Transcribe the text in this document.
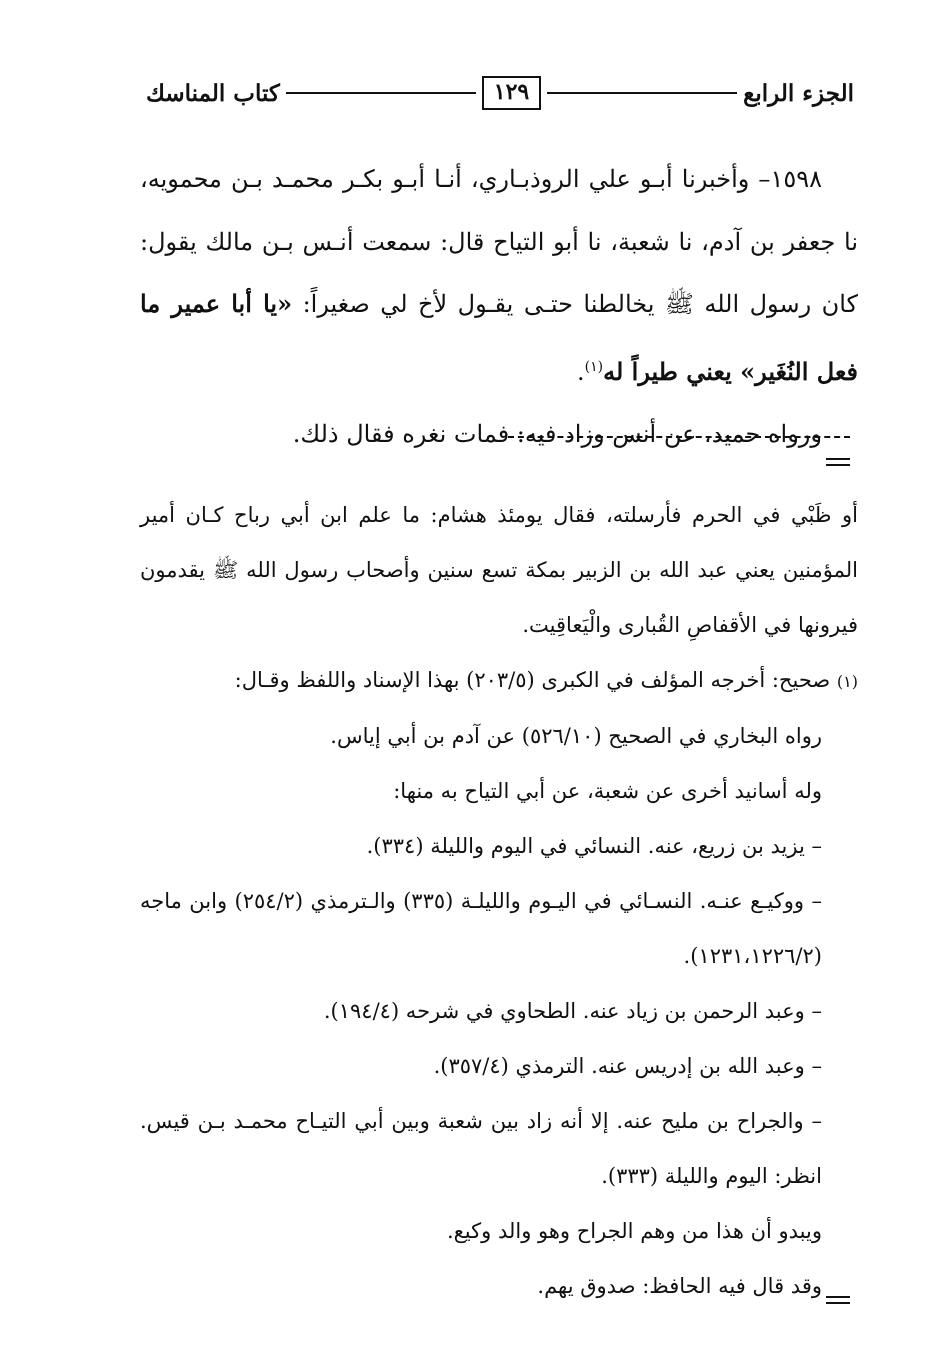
الجزء الرابع
١٢٩
كتاب المناسك

١٥٩٨– وأخبرنا أبـو علي الروذبـاري، أنـا أبـو بكـر محمـد بـن محمويه، نا جعفر بن آدم، نا شعبة، نا أبو التياح قال: سمعت أنـس بـن مالك يقول: كان رسول الله ﷺ يخالطنا حتـى يقـول لأخ لي صغيراً: «يا أبا عمير ما فعل النُغَير» يعني طيراً له$^{(١)}$.

ورواه حميد، عن أنس وزاد فيه: فمات نغره فقال ذلك.

أو ظَبْي في الحرم فأرسلته، فقال يومئذ هشام: ما علم ابن أبي رباح كـان أمير المؤمنين يعني عبد الله بن الزبير بمكة تسع سنين وأصحاب رسول الله ﷺ يقدمون فيرونها في الأقفاصِ القُبارى والْيَعاقِيت.

(١) صحيح: أخرجه المؤلف في الكبرى (٢٠٣/٥) بهذا الإسناد واللفظ وقـال:

رواه البخاري في الصحيح (٥٢٦/١٠) عن آدم بن أبي إياس.

وله أسانيد أخرى عن شعبة، عن أبي التياح به منها:

– يزيد بن زريع، عنه. النسائي في اليوم والليلة (٣٣٤).

– ووكيـع عنـه. النسـائي في اليـوم والليلـة (٣٣٥) والـترمذي (٢٥٤/٢) وابن ماجه (١٢٣١،١٢٢٦/٢).

– وعبد الرحمن بن زياد عنه. الطحاوي في شرحه (١٩٤/٤).

– وعبد الله بن إدريس عنه. الترمذي (٣٥٧/٤).

– والجراح بن مليح عنه. إلا أنه زاد بين شعبة وبين أبي التيـاح محمـد بـن قيس. انظر: اليوم والليلة (٣٣٣).

ويبدو أن هذا من وهم الجراح وهو والد وكيع.

وقد قال فيه الحافظ: صدوق يهم.
